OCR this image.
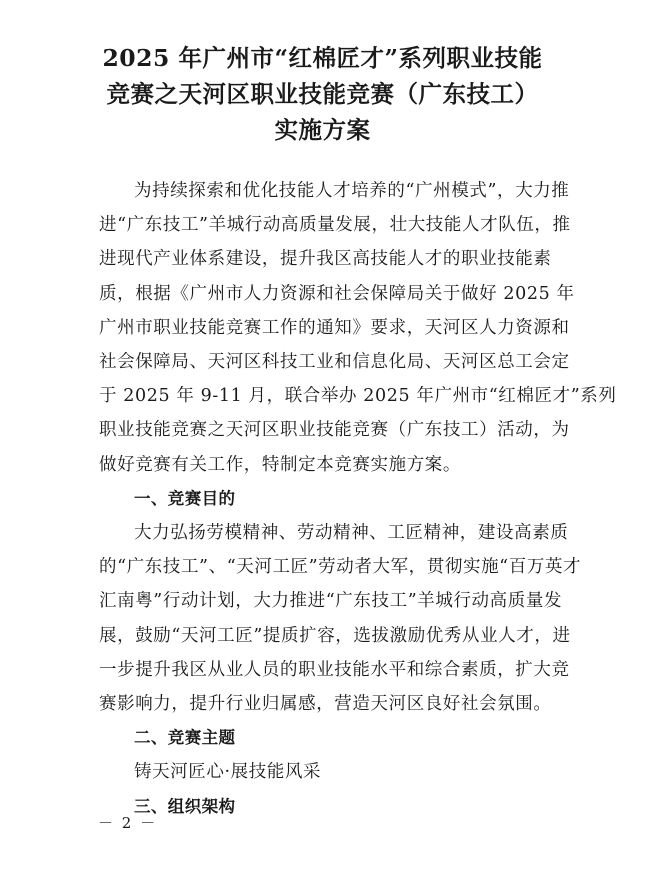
2025 年广州市“红棉匠才”系列职业技能
竞赛之天河区职业技能竞赛（广东技工）
实施方案
为持续探索和优化技能人才培养的“广州模式”，大力推
进“广东技工”羊城行动高质量发展，壮大技能人才队伍，推
进现代产业体系建设，提升我区高技能人才的职业技能素
质，根据《广州市人力资源和社会保障局关于做好 2025 年
广州市职业技能竞赛工作的通知》要求，天河区人力资源和
社会保障局、天河区科技工业和信息化局、天河区总工会定
于 2025 年 9-11 月，联合举办 2025 年广州市“红棉匠才”系列
职业技能竞赛之天河区职业技能竞赛（广东技工）活动，为
做好竞赛有关工作，特制定本竞赛实施方案。
一、竞赛目的
大力弘扬劳模精神、劳动精神、工匠精神，建设高素质
的“广东技工”、“天河工匠”劳动者大军，贯彻实施“百万英才
汇南粤”行动计划，大力推进“广东技工”羊城行动高质量发
展，鼓励“天河工匠”提质扩容，选拔激励优秀从业人才，进
一步提升我区从业人员的职业技能水平和综合素质，扩大竞
赛影响力，提升行业归属感，营造天河区良好社会氛围。
二、竞赛主题
铸天河匠心·展技能风采
三、组织架构
－ 2 －
